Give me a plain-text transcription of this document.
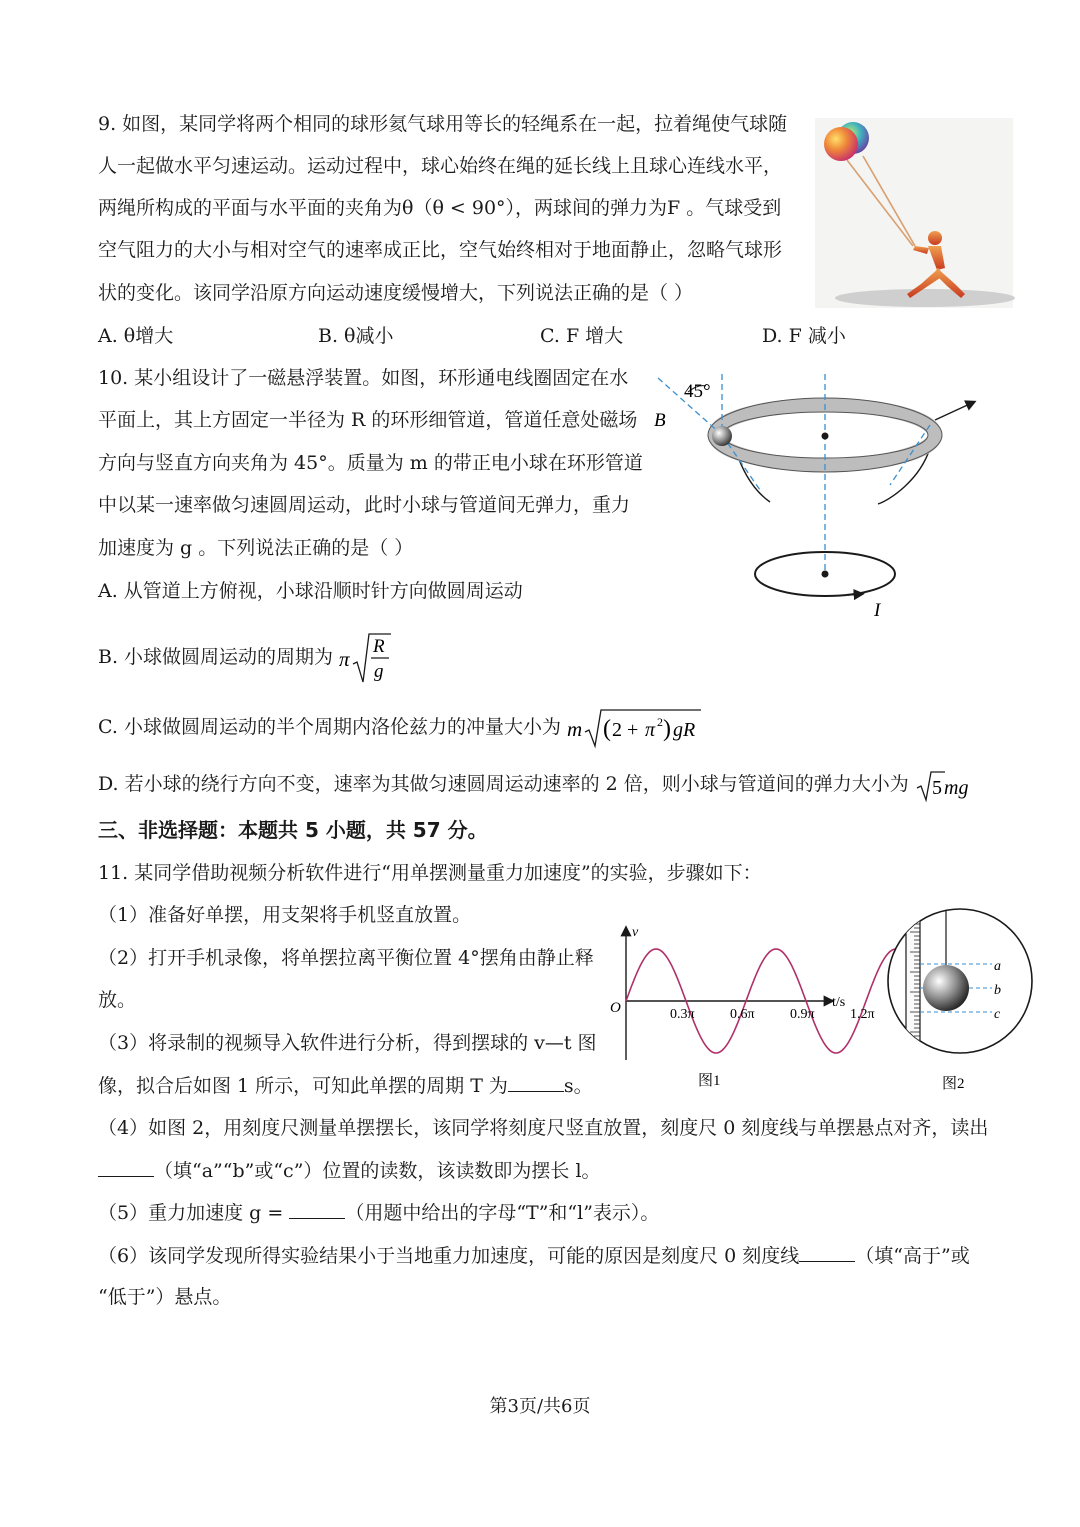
9. 如图，某同学将两个相同的球形氦气球用等长的轻绳系在一起，拉着绳使气球随
人一起做水平匀速运动。运动过程中，球心始终在绳的延长线上且球心连线水平，
两绳所构成的平面与水平面的夹角为θ（θ < 90°），两球间的弹力为F 。气球受到
空气阻力的大小与相对空气的速率成正比，空气始终相对于地面静止，忽略气球形
状的变化。该同学沿原方向运动速度缓慢增大，下列说法正确的是（ ）
A. θ增大	B. θ减小	C. F 增大	D. F 减小
10. 某小组设计了一磁悬浮装置。如图，环形通电线圈固定在水
平面上，其上方固定一半径为 R 的环形细管道，管道任意处磁场
方向与竖直方向夹角为 45°。质量为 m 的带正电小球在环形管道
中以某一速率做匀速圆周运动，此时小球与管道间无弹力，重力
加速度为 g 。下列说法正确的是（ ）
A. 从管道上方俯视，小球沿顺时针方向做圆周运动
B. 小球做圆周运动的周期为 π
R
g
C. 小球做圆周运动的半个周期内洛伦兹力的冲量大小为 m ( 2 + π 2 ) gR
D. 若小球的绕行方向不变，速率为其做匀速圆周运动速率的 2 倍，则小球与管道间的弹力大小为 5 mg
45°
B
I
三、非选择题：本题共 5 小题，共 57 分。
11. 某同学借助视频分析软件进行“用单摆测量重力加速度”的实验，步骤如下：
（1）准备好单摆，用支架将手机竖直放置。
（2）打开手机录像，将单摆拉离平衡位置 4°摆角由静止释
放。
（3）将录制的视频导入软件进行分析，得到摆球的 v—t 图
像，拟合后如图 1 所示，可知此单摆的周期 T 为	s。
（4）如图 2，用刻度尺测量单摆摆长，该同学将刻度尺竖直放置，刻度尺 0 刻度线与单摆悬点对齐，读出
（填“a”“b”或“c”）位置的读数，该读数即为摆长 l。
（5）重力加速度 g =	（用题中给出的字母“T”和“l”表示）。
（6）该同学发现所得实验结果小于当地重力加速度，可能的原因是刻度尺 0 刻度线	（填“高于”或
“低于”）悬点。
v
t/s
O	0.3π	0.6π	0.9π	1.2π
图1
a
b
c
图2
第3页/共6页
